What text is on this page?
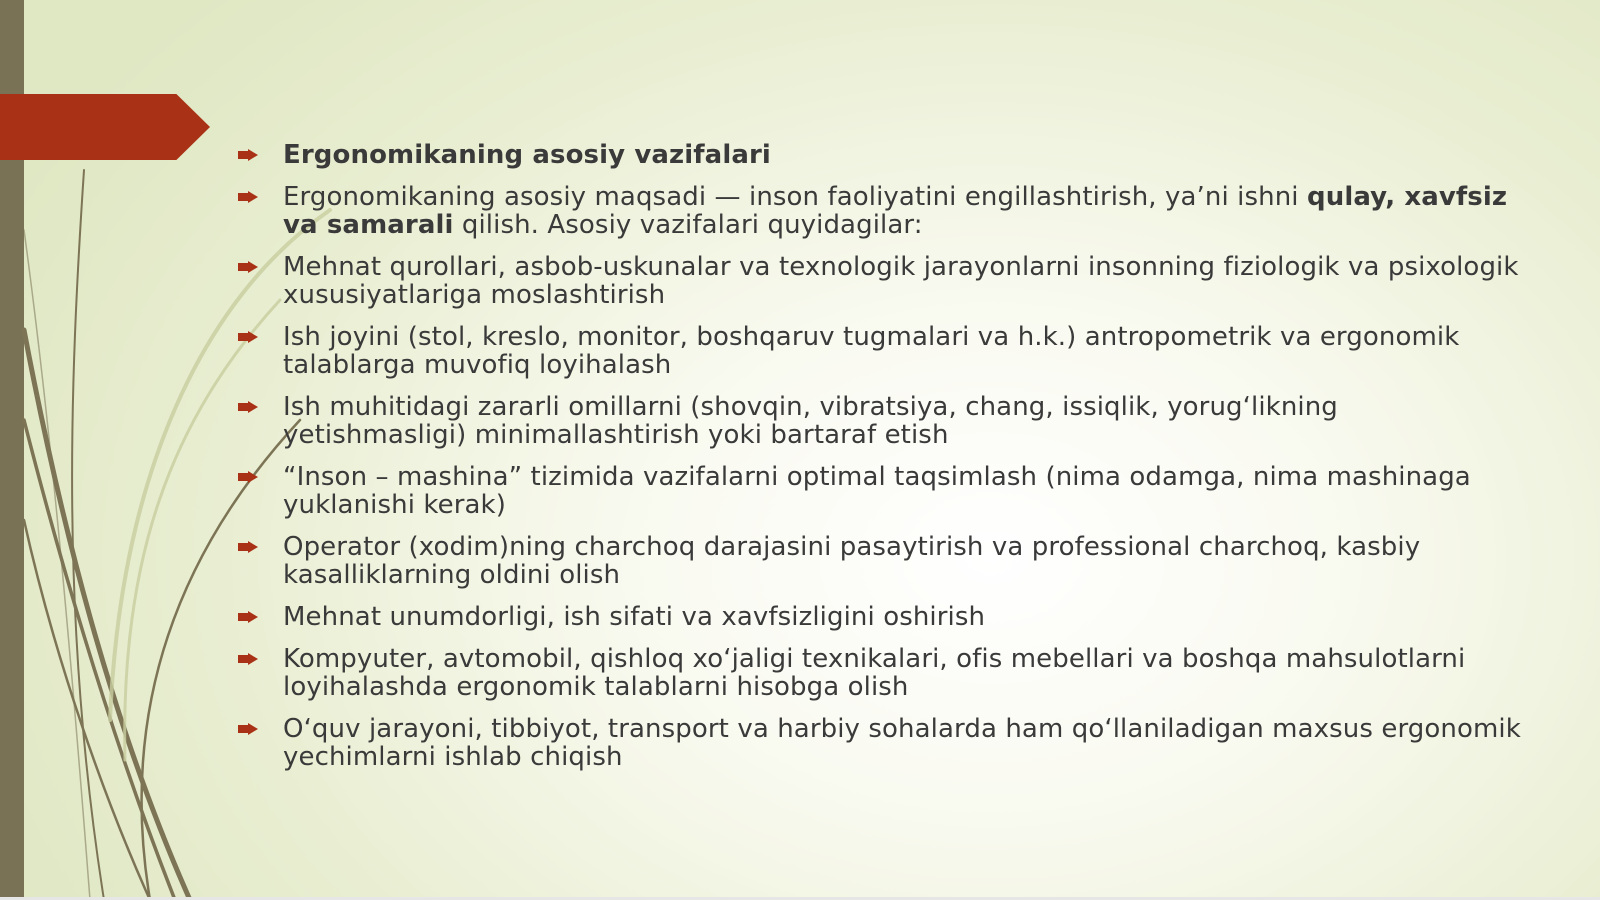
Ergonomikaning asosiy vazifalari
Ergonomikaning asosiy maqsadi — inson faoliyatini engillashtirish, ya’ni ishni qulay, xavfsiz va samarali qilish. Asosiy vazifalari quyidagilar:
Mehnat qurollari, asbob-uskunalar va texnologik jarayonlarni insonning fiziologik va psixologik xususiyatlariga moslashtirish
Ish joyini (stol, kreslo, monitor, boshqaruv tugmalari va h.k.) antropometrik va ergonomik talablarga muvofiq loyihalash
Ish muhitidagi zararli omillarni (shovqin, vibratsiya, chang, issiqlik, yorug‘likning yetishmasligi) minimallashtirish yoki bartaraf etish
“Inson – mashina” tizimida vazifalarni optimal taqsimlash (nima odamga, nima mashinaga yuklanishi kerak)
Operator (xodim)ning charchoq darajasini pasaytirish va professional charchoq, kasbiy kasalliklarning oldini olish
Mehnat unumdorligi, ish sifati va xavfsizligini oshirish
Kompyuter, avtomobil, qishloq xo‘jaligi texnikalari, ofis mebellari va boshqa mahsulotlarni loyihalashda ergonomik talablarni hisobga olish
O‘quv jarayoni, tibbiyot, transport va harbiy sohalarda ham qo‘llaniladigan maxsus ergonomik yechimlarni ishlab chiqish
